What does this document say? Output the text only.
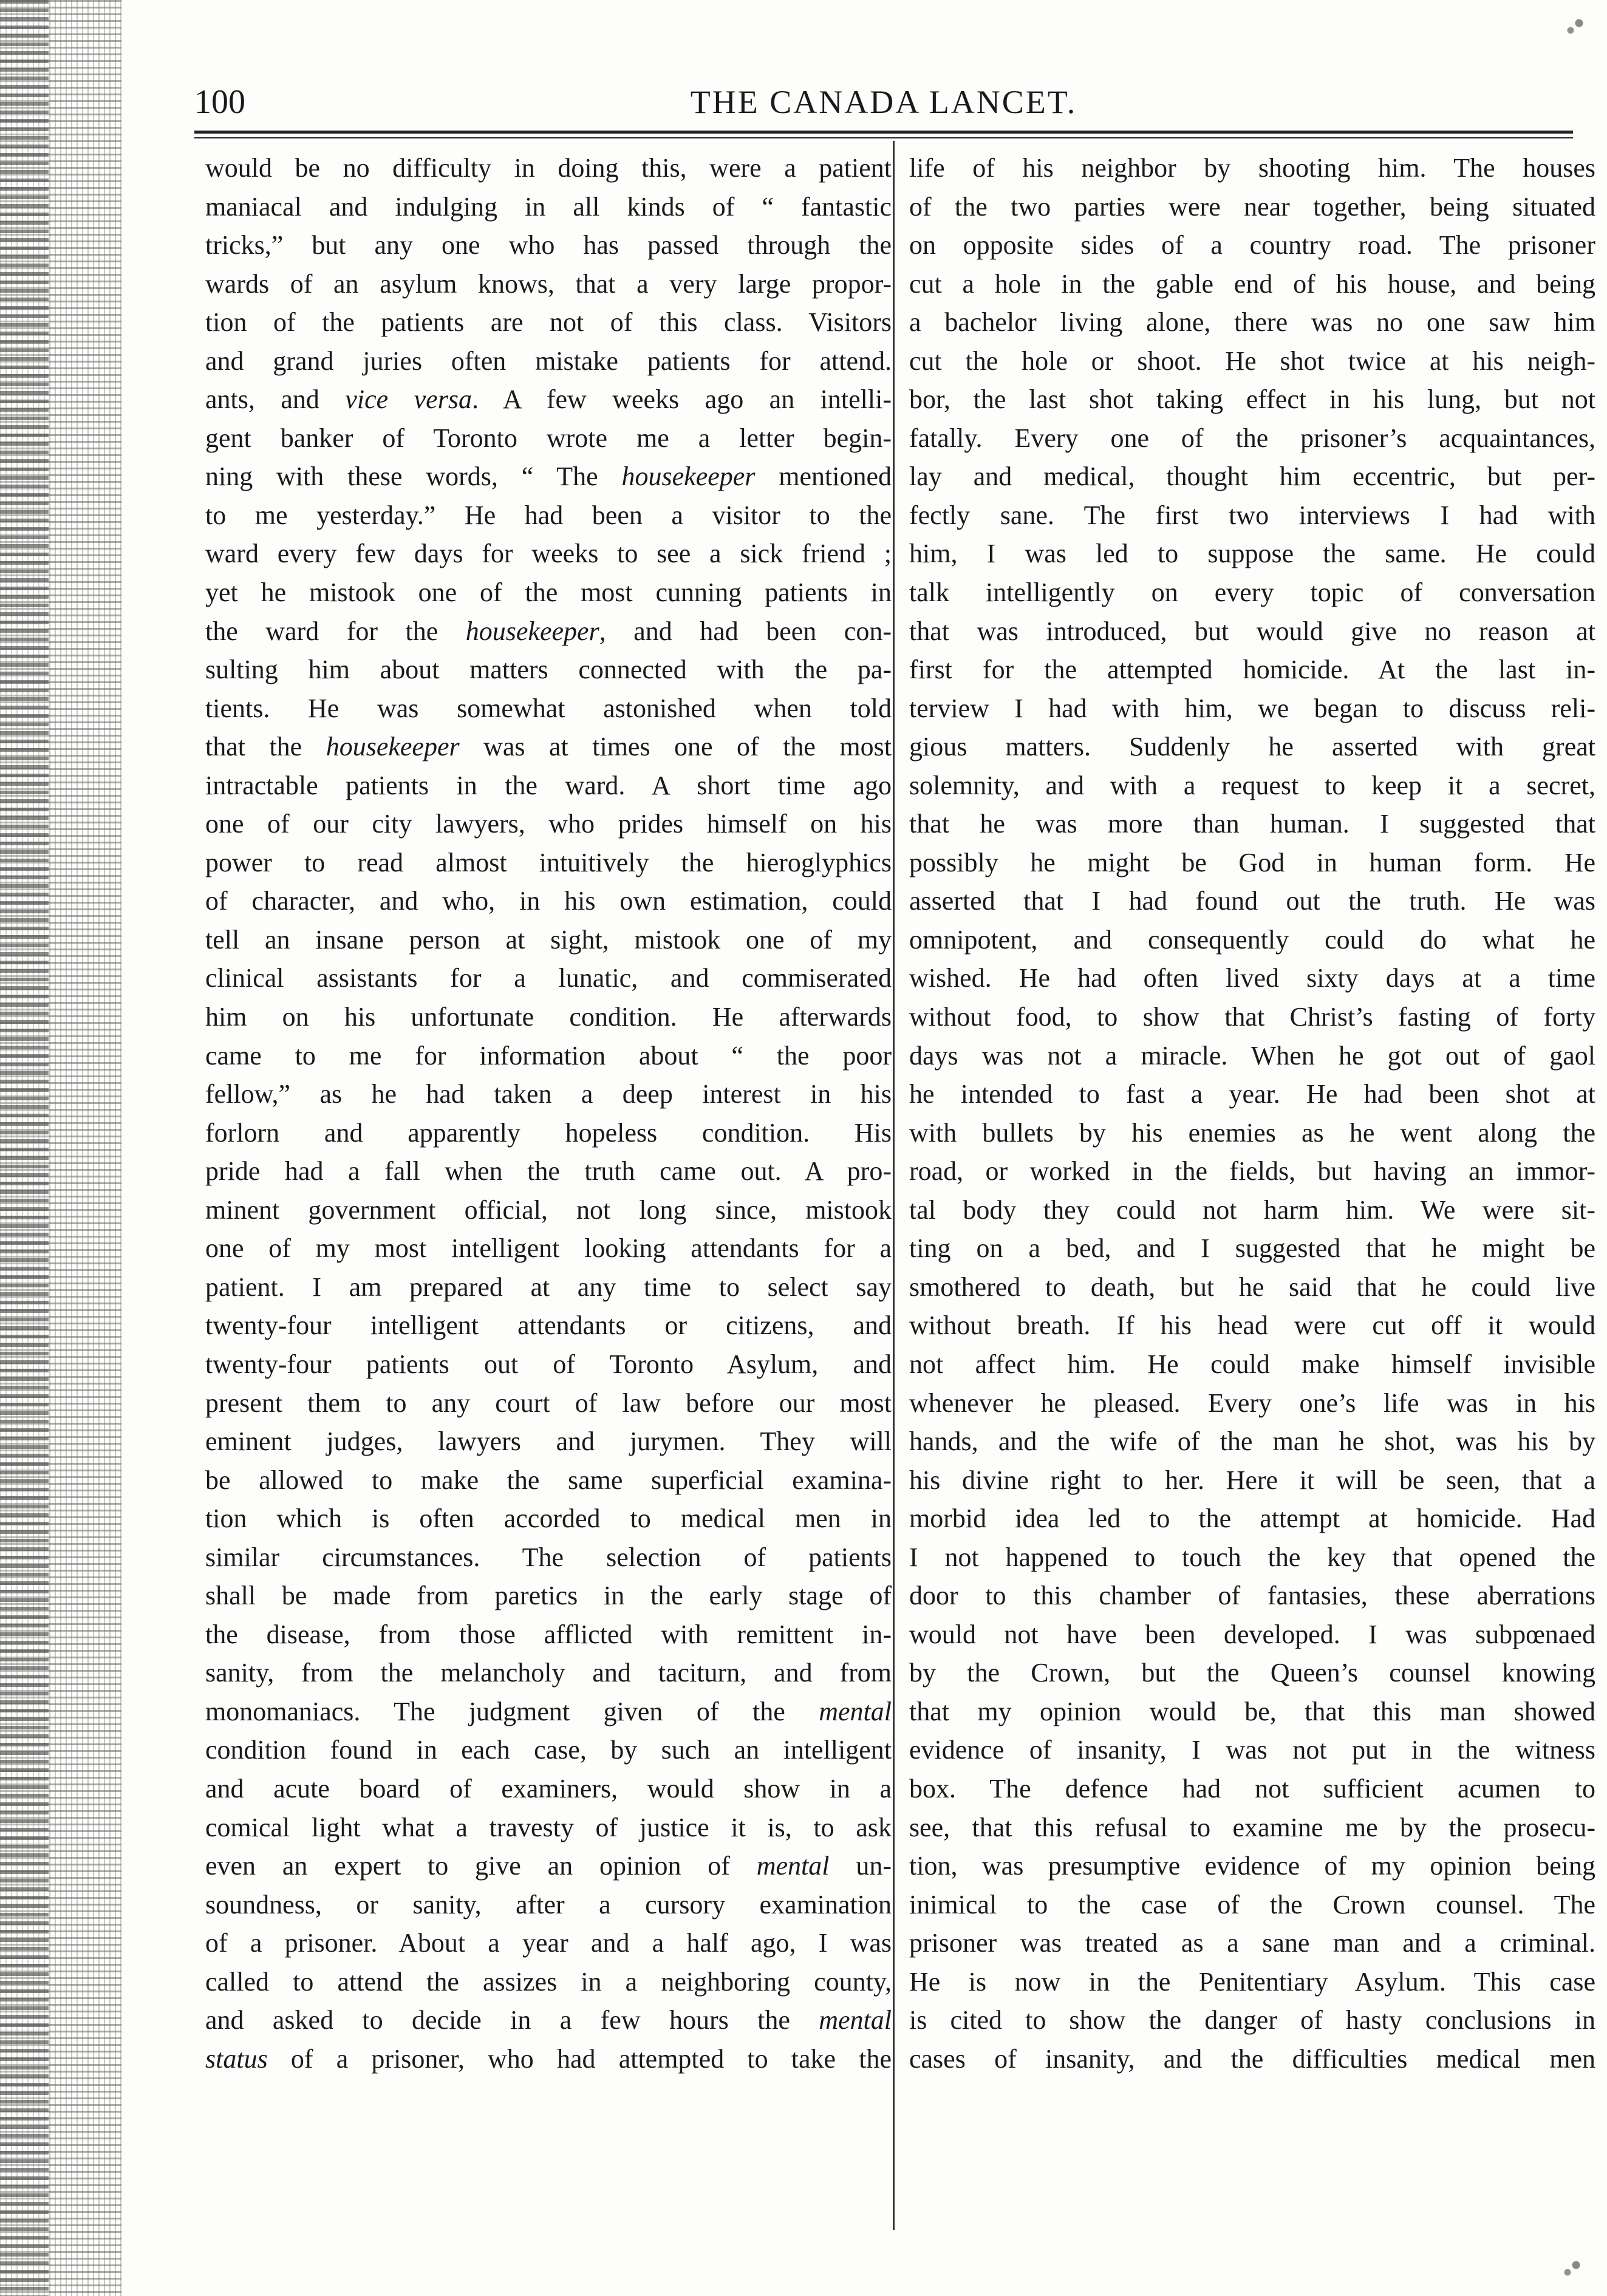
100	THE CANADA LANCET.
would be no difficulty in doing this, were a patient
maniacal and indulging in all kinds of “ fantastic
tricks,” but any one who has passed through the
wards of an asylum knows, that a very large propor-
tion of the patients are not of this class. Visitors
and grand juries often mistake patients for attend.
ants, and vice versa. A few weeks ago an intelli-
gent banker of Toronto wrote me a letter begin-
ning with these words, “ The housekeeper mentioned
to me yesterday.” He had been a visitor to the
ward every few days for weeks to see a sick friend ;
yet he mistook one of the most cunning patients in
the ward for the housekeeper, and had been con-
sulting him about matters connected with the pa-
tients. He was somewhat astonished when told
that the housekeeper was at times one of the most
intractable patients in the ward. A short time ago
one of our city lawyers, who prides himself on his
power to read almost intuitively the hieroglyphics
of character, and who, in his own estimation, could
tell an insane person at sight, mistook one of my
clinical assistants for a lunatic, and commiserated
him on his unfortunate condition. He afterwards
came to me for information about “ the poor
fellow,” as he had taken a deep interest in his
forlorn and apparently hopeless condition. His
pride had a fall when the truth came out. A pro-
minent government official, not long since, mistook
one of my most intelligent looking attendants for a
patient. I am prepared at any time to select say
twenty-four intelligent attendants or citizens, and
twenty-four patients out of Toronto Asylum, and
present them to any court of law before our most
eminent judges, lawyers and jurymen. They will
be allowed to make the same superficial examina-
tion which is often accorded to medical men in
similar circumstances. The selection of patients
shall be made from paretics in the early stage of
the disease, from those afflicted with remittent in-
sanity, from the melancholy and taciturn, and from
monomaniacs. The judgment given of the mental
condition found in each case, by such an intelligent
and acute board of examiners, would show in a
comical light what a travesty of justice it is, to ask
even an expert to give an opinion of mental un-
soundness, or sanity, after a cursory examination
of a prisoner. About a year and a half ago, I was
called to attend the assizes in a neighboring county,
and asked to decide in a few hours the mental
status of a prisoner, who had attempted to take the
life of his neighbor by shooting him. The houses
of the two parties were near together, being situated
on opposite sides of a country road. The prisoner
cut a hole in the gable end of his house, and being
a bachelor living alone, there was no one saw him
cut the hole or shoot. He shot twice at his neigh-
bor, the last shot taking effect in his lung, but not
fatally. Every one of the prisoner’s acquaintances,
lay and medical, thought him eccentric, but per-
fectly sane. The first two interviews I had with
him, I was led to suppose the same. He could
talk intelligently on every topic of conversation
that was introduced, but would give no reason at
first for the attempted homicide. At the last in-
terview I had with him, we began to discuss reli-
gious matters. Suddenly he asserted with great
solemnity, and with a request to keep it a secret,
that he was more than human. I suggested that
possibly he might be God in human form. He
asserted that I had found out the truth. He was
omnipotent, and consequently could do what he
wished. He had often lived sixty days at a time
without food, to show that Christ’s fasting of forty
days was not a miracle. When he got out of gaol
he intended to fast a year. He had been shot at
with bullets by his enemies as he went along the
road, or worked in the fields, but having an immor-
tal body they could not harm him. We were sit-
ting on a bed, and I suggested that he might be
smothered to death, but he said that he could live
without breath. If his head were cut off it would
not affect him. He could make himself invisible
whenever he pleased. Every one’s life was in his
hands, and the wife of the man he shot, was his by
his divine right to her. Here it will be seen, that a
morbid idea led to the attempt at homicide. Had
I not happened to touch the key that opened the
door to this chamber of fantasies, these aberrations
would not have been developed. I was subpœnaed
by the Crown, but the Queen’s counsel knowing
that my opinion would be, that this man showed
evidence of insanity, I was not put in the witness
box. The defence had not sufficient acumen to
see, that this refusal to examine me by the prosecu-
tion, was presumptive evidence of my opinion being
inimical to the case of the Crown counsel. The
prisoner was treated as a sane man and a criminal.
He is now in the Penitentiary Asylum. This case
is cited to show the danger of hasty conclusions in
cases of insanity, and the difficulties medical men
